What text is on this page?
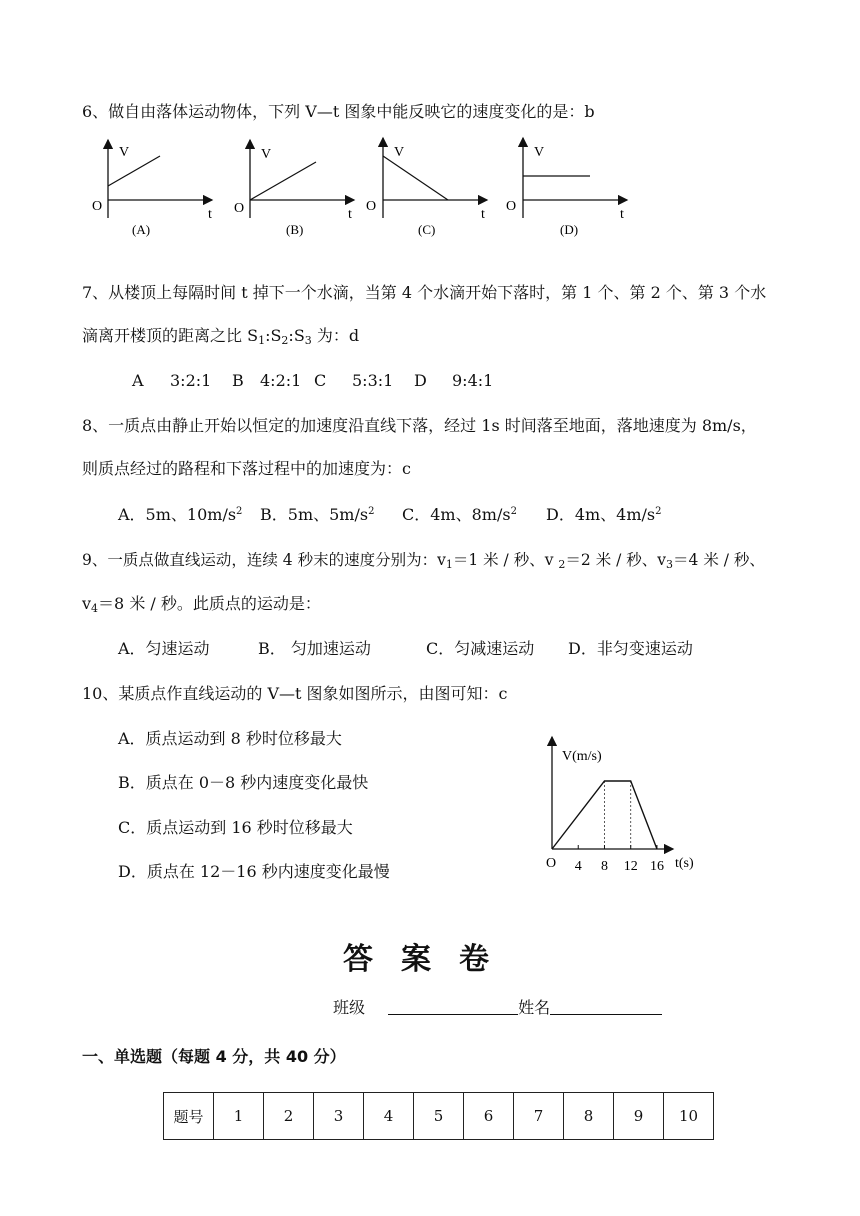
6、做自由落体运动物体，下列 V—t 图象中能反映它的速度变化的是：b
V
O
t
(A)
V
O	t
(B)
V
O
t
(C)
V
O
t
(D)
7、从楼顶上每隔时间 t 掉下一个水滴，当第 4 个水滴开始下落时，第 1 个、第 2 个、第 3 个水
滴离开楼顶的距离之比 $S_1:S_2:S_3$ 为：d
A 3:2:1 B 4:2:1 C 5:3:1 D 9:4:1
8、一质点由静止开始以恒定的加速度沿直线下落，经过 1s 时间落至地面，落地速度为 8m/s，
则质点经过的路程和下落过程中的加速度为：c
A．5m、$10m/s^2$ B．5m、$5m/s^2$ C．4m、$8m/s^2$ D．4m、$4m/s^2$
9、一质点做直线运动，连续 4 秒末的速度分别为：$v_1=1$ 米 / 秒、v $_2$＝2 米 / 秒、$v_3=4$ 米 / 秒、
$v_4=8$ 米 / 秒。此质点的运动是：
A．匀速运动	B． 匀加速运动	C．匀减速运动 D．非匀变速运动
10、某质点作直线运动的 V—t 图象如图所示，由图可知：c
A．质点运动到 8 秒时位移最大
B．质点在 0－8 秒内速度变化最快
C．质点运动到 16 秒时位移最大
D．质点在 12－16 秒内速度变化最慢
V(m/s)
O	t(s)
4 8 12 16
答案卷
班级	姓名
一、单选题（每题 4 分，共 40 分）
题号	1	2	3	4	5	6	7	8	9	10
